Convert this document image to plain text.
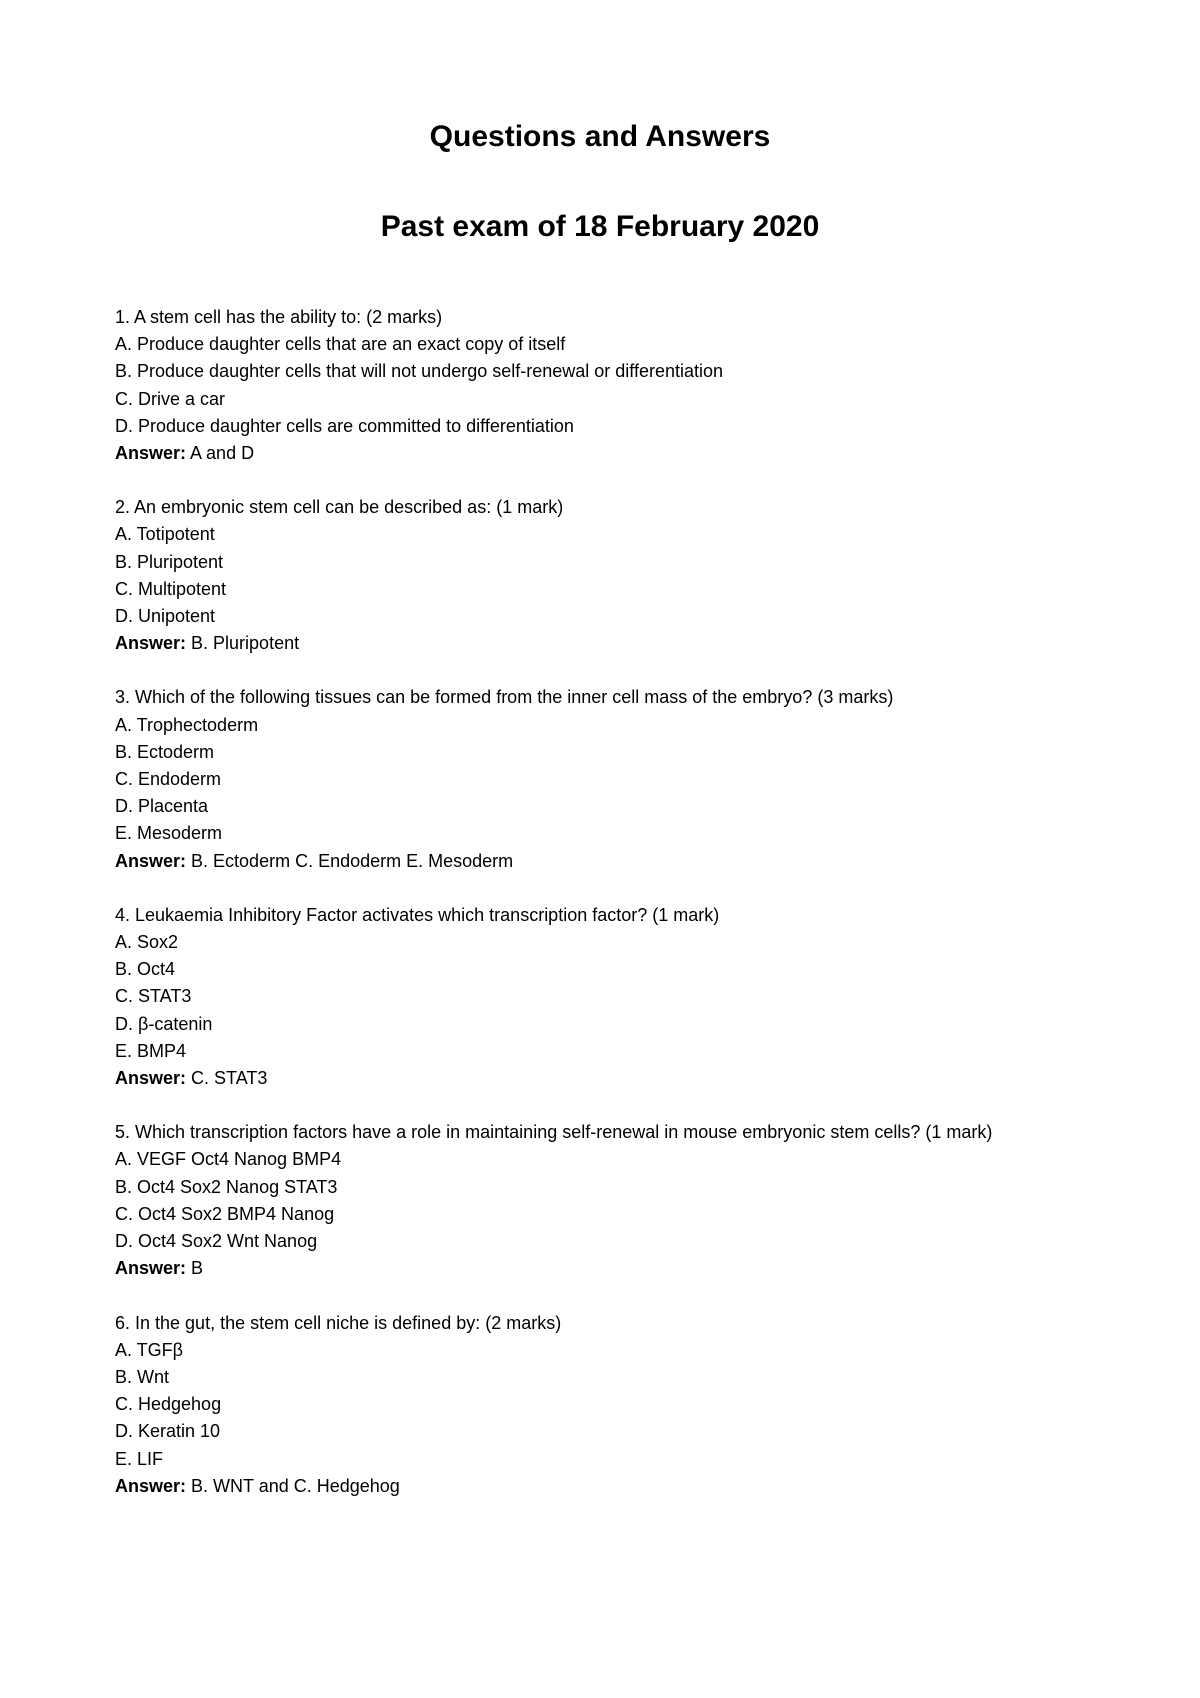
Questions and Answers
Past exam of 18 February 2020

1. A stem cell has the ability to: (2 marks)

A. Produce daughter cells that are an exact copy of itself

B. Produce daughter cells that will not undergo self-renewal or differentiation

C. Drive a car

D. Produce daughter cells are committed to differentiation

Answer: A and D

2. An embryonic stem cell can be described as: (1 mark)

A. Totipotent

B. Pluripotent

C. Multipotent

D. Unipotent

Answer: B. Pluripotent

3. Which of the following tissues can be formed from the inner cell mass of the embryo? (3 marks)

A. Trophectoderm

B. Ectoderm

C. Endoderm

D. Placenta

E. Mesoderm

Answer: B. Ectoderm C. Endoderm E. Mesoderm

4. Leukaemia Inhibitory Factor activates which transcription factor? (1 mark)

A. Sox2

B. Oct4

C. STAT3

D. β-catenin

E. BMP4

Answer: C. STAT3

5. Which transcription factors have a role in maintaining self-renewal in mouse embryonic stem cells? (1 mark)

A. VEGF Oct4 Nanog BMP4

B. Oct4 Sox2 Nanog STAT3

C. Oct4 Sox2 BMP4 Nanog

D. Oct4 Sox2 Wnt Nanog

Answer: B

6. In the gut, the stem cell niche is defined by: (2 marks)

A. TGFβ

B. Wnt

C. Hedgehog

D. Keratin 10

E. LIF

Answer: B. WNT and C. Hedgehog
